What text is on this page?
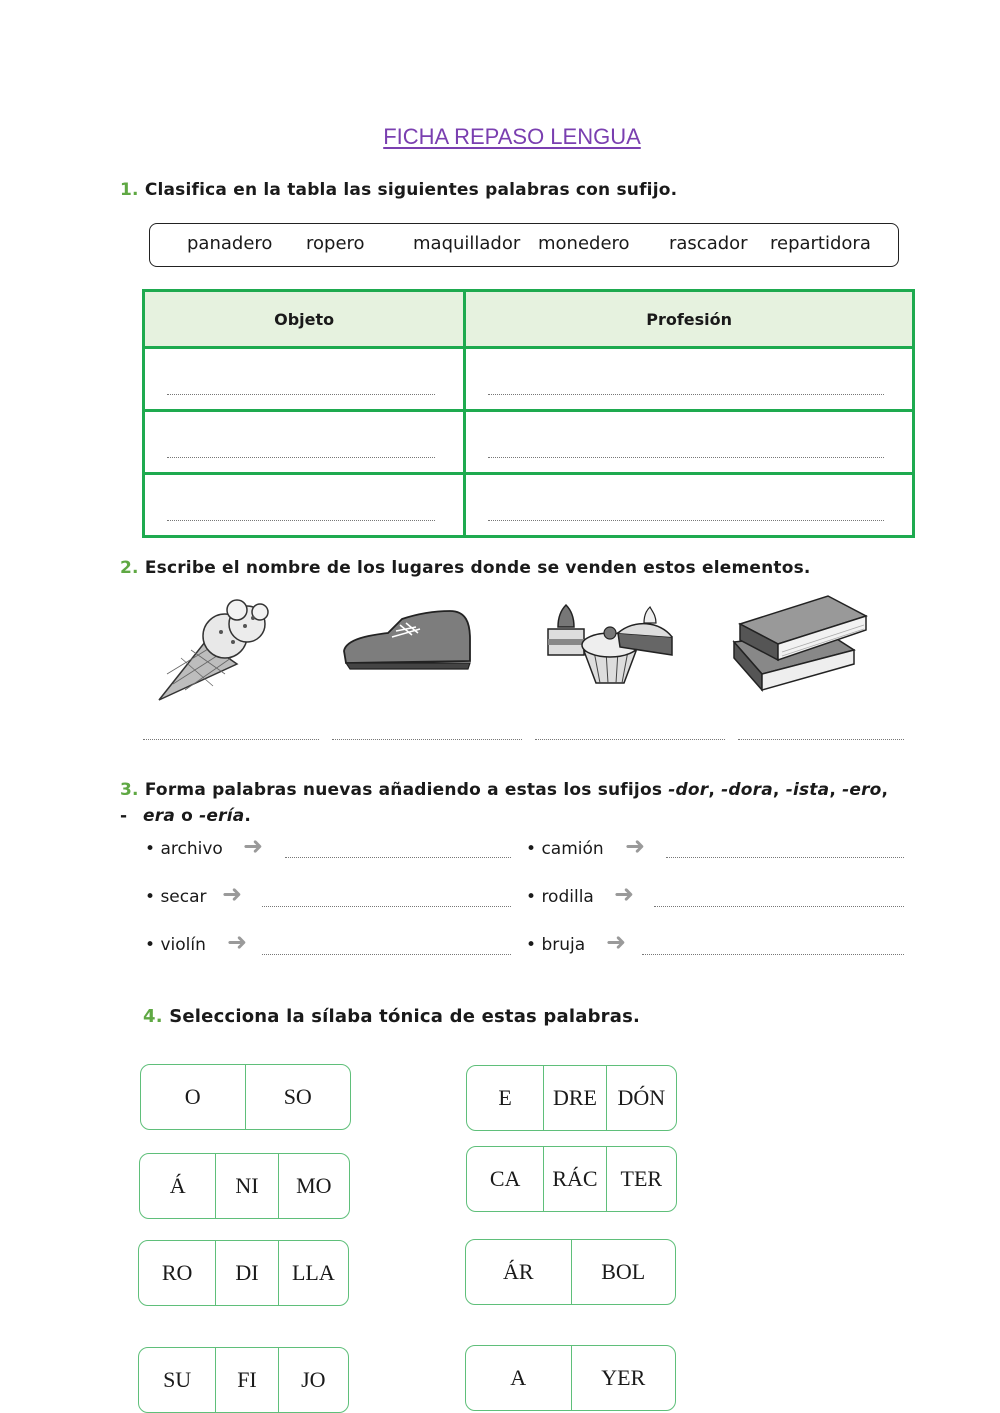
FICHA REPASO LENGUA
1. Clasifica en la tabla las siguientes palabras con sufijo.
panadero ropero	maquillador monedero rascador repartidora
Objeto	Profesión

2. Escribe el nombre de los lugares donde se venden estos elementos.
3. Forma palabras nuevas añadiendo a estas los sufijos -dor, -dora, -ista, -ero, - era o -ería.
• archivo ➜
• secar ➜
• violín ➜
• camión ➜
• rodilla ➜
• bruja ➜
4. Selecciona la sílaba tónica de estas palabras.
O	SO
Á	NI	MO
RO	DI	LLA
SU	FI	JO
E	DRE DÓN
CA	RÁC	TER
ÁR	BOL
A	YER
